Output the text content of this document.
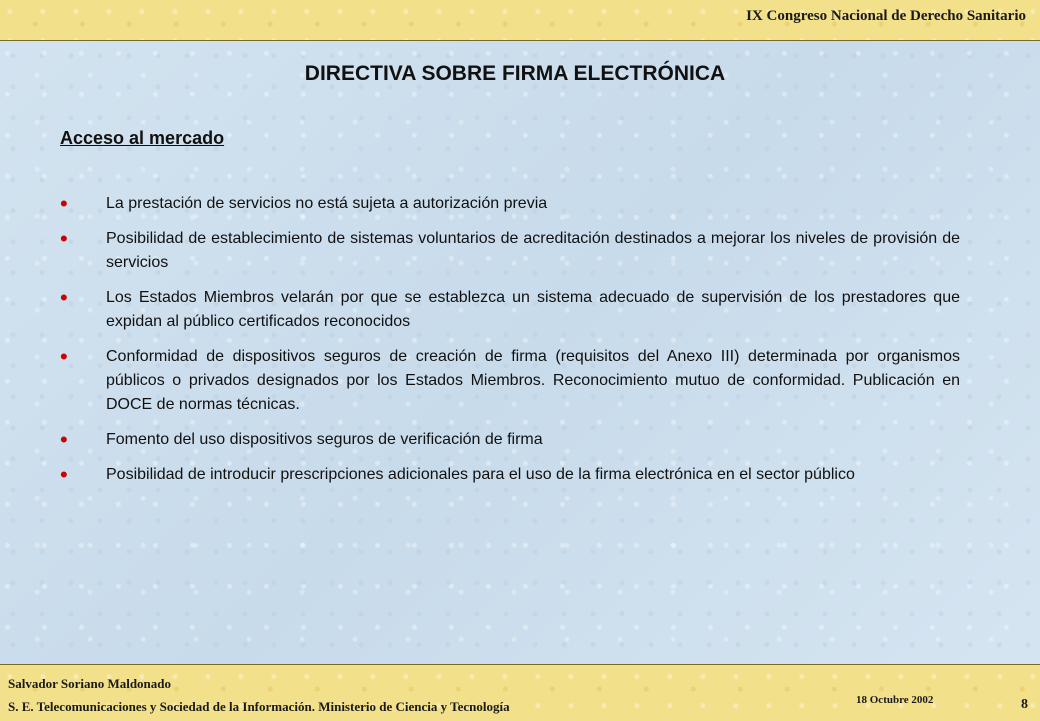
IX Congreso Nacional de Derecho Sanitario
DIRECTIVA SOBRE FIRMA ELECTRÓNICA
Acceso al mercado
• La prestación de servicios no está sujeta a autorización previa
• Posibilidad de establecimiento de sistemas voluntarios de acreditación destinados a mejorar los niveles de provisión de servicios
• Los Estados Miembros velarán por que se establezca un sistema adecuado de supervisión de los prestadores que expidan al público certificados reconocidos
• Conformidad de dispositivos seguros de creación de firma (requisitos del Anexo III) determinada por organismos públicos o privados designados por los Estados Miembros. Reconocimiento mutuo de conformidad. Publicación en DOCE de normas técnicas.
• Fomento del uso dispositivos seguros de verificación de firma
• Posibilidad de introducir prescripciones adicionales para el uso de la firma electrónica en el sector público
Salvador Soriano Maldonado
S. E. Telecomunicaciones y Sociedad de la Información. Ministerio de Ciencia y Tecnología	18 Octubre 2002	8
